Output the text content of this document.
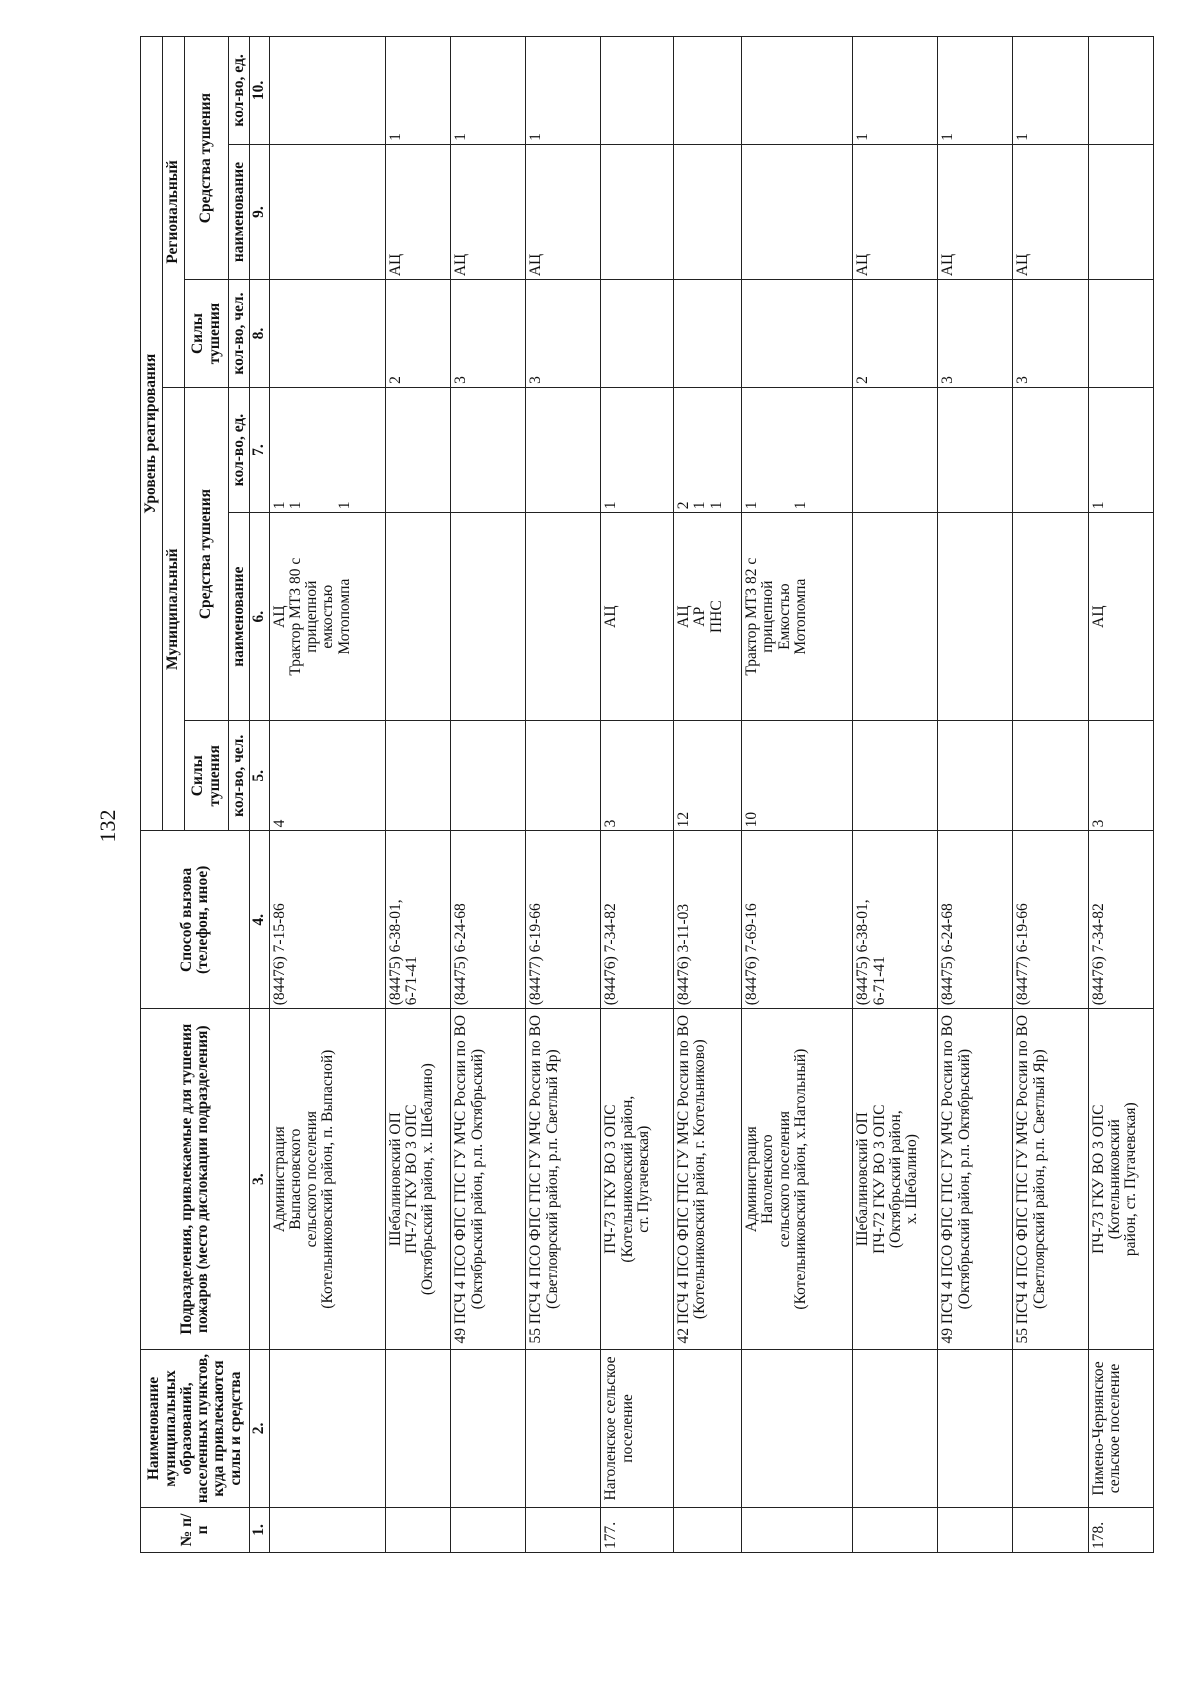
132
№ п/п	Наименование муниципальных образований, населенных пунктов, куда привлекаются силы и средства	Подразделения, привлекаемые для тушения пожаров (место дислокации подразделения)	Способ вызова (телефон, иное)	Уровень реагирования					
				Муниципальный			Региональный		
				Силы тушения	Средства тушения		Силы тушения	Средства тушения	
				кол-во, чел.	наименование	кол-во, ед.	кол-во, чел.	наименование	кол-во, ед.
1.	2.	3.	4.	5.	6.	7.	8.	9.	10.
		Администрация
Выпасновского
сельского поселения
(Котельниковский район, п. Выпасной)	(84476) 7-15-86	4	АЦ
Трактор МТЗ 80 с
прицепной
емкостью
Мотопомпа	1
1

1			
		Шебалиновский ОП
ПЧ-72 ГКУ ВО 3 ОПС
(Октябрьский район, х. Шебалино)	(84475) 6-38-01,
6-71-41				2	АЦ	1
		49 ПСЧ 4 ПСО ФПС ГПС ГУ МЧС России по ВО (Октябрьский район, р.п. Октябрьский)	(84475) 6-24-68				3	АЦ	1
		55 ПСЧ 4 ПСО ФПС ГПС ГУ МЧС России по ВО (Светлоярский район, р.п. Светлый Яр)	(84477) 6-19-66				3	АЦ	1
177.	Наголенское сельское поселение	ПЧ-73 ГКУ ВО 3 ОПС
(Котельниковский район,
ст. Пугачевская)	(84476) 7-34-82	3	АЦ	1			
		42 ПСЧ 4 ПСО ФПС ГПС ГУ МЧС России по ВО (Котельниковский район, г. Котельниково)	(84476) 3-11-03	12	АЦ
АР
ПНС	2
1
1			
		Администрация
Наголенского
сельского поселения
(Котельниковский район, х.Нагольный)	(84476) 7-69-16	10	Трактор МТЗ 82 с
прицепной
Емкостью
Мотопомпа	1

1			
		Шебалиновский ОП
ПЧ-72 ГКУ ВО 3 ОПС
(Октябрьский район,
х. Шебалино)	(84475) 6-38-01,
6-71-41				2	АЦ	1
		49 ПСЧ 4 ПСО ФПС ГПС ГУ МЧС России по ВО (Октябрьский район, р.п. Октябрьский)	(84475) 6-24-68				3	АЦ	1
		55 ПСЧ 4 ПСО ФПС ГПС ГУ МЧС России по ВО (Светлоярский район, р.п. Светлый Яр)	(84477) 6-19-66				3	АЦ	1
178.	Пимено-Чернянское сельское поселение	ПЧ-73 ГКУ ВО 3 ОПС
(Котельниковский
район, ст. Пугачевская)	(84476) 7-34-82	3	АЦ	1			
